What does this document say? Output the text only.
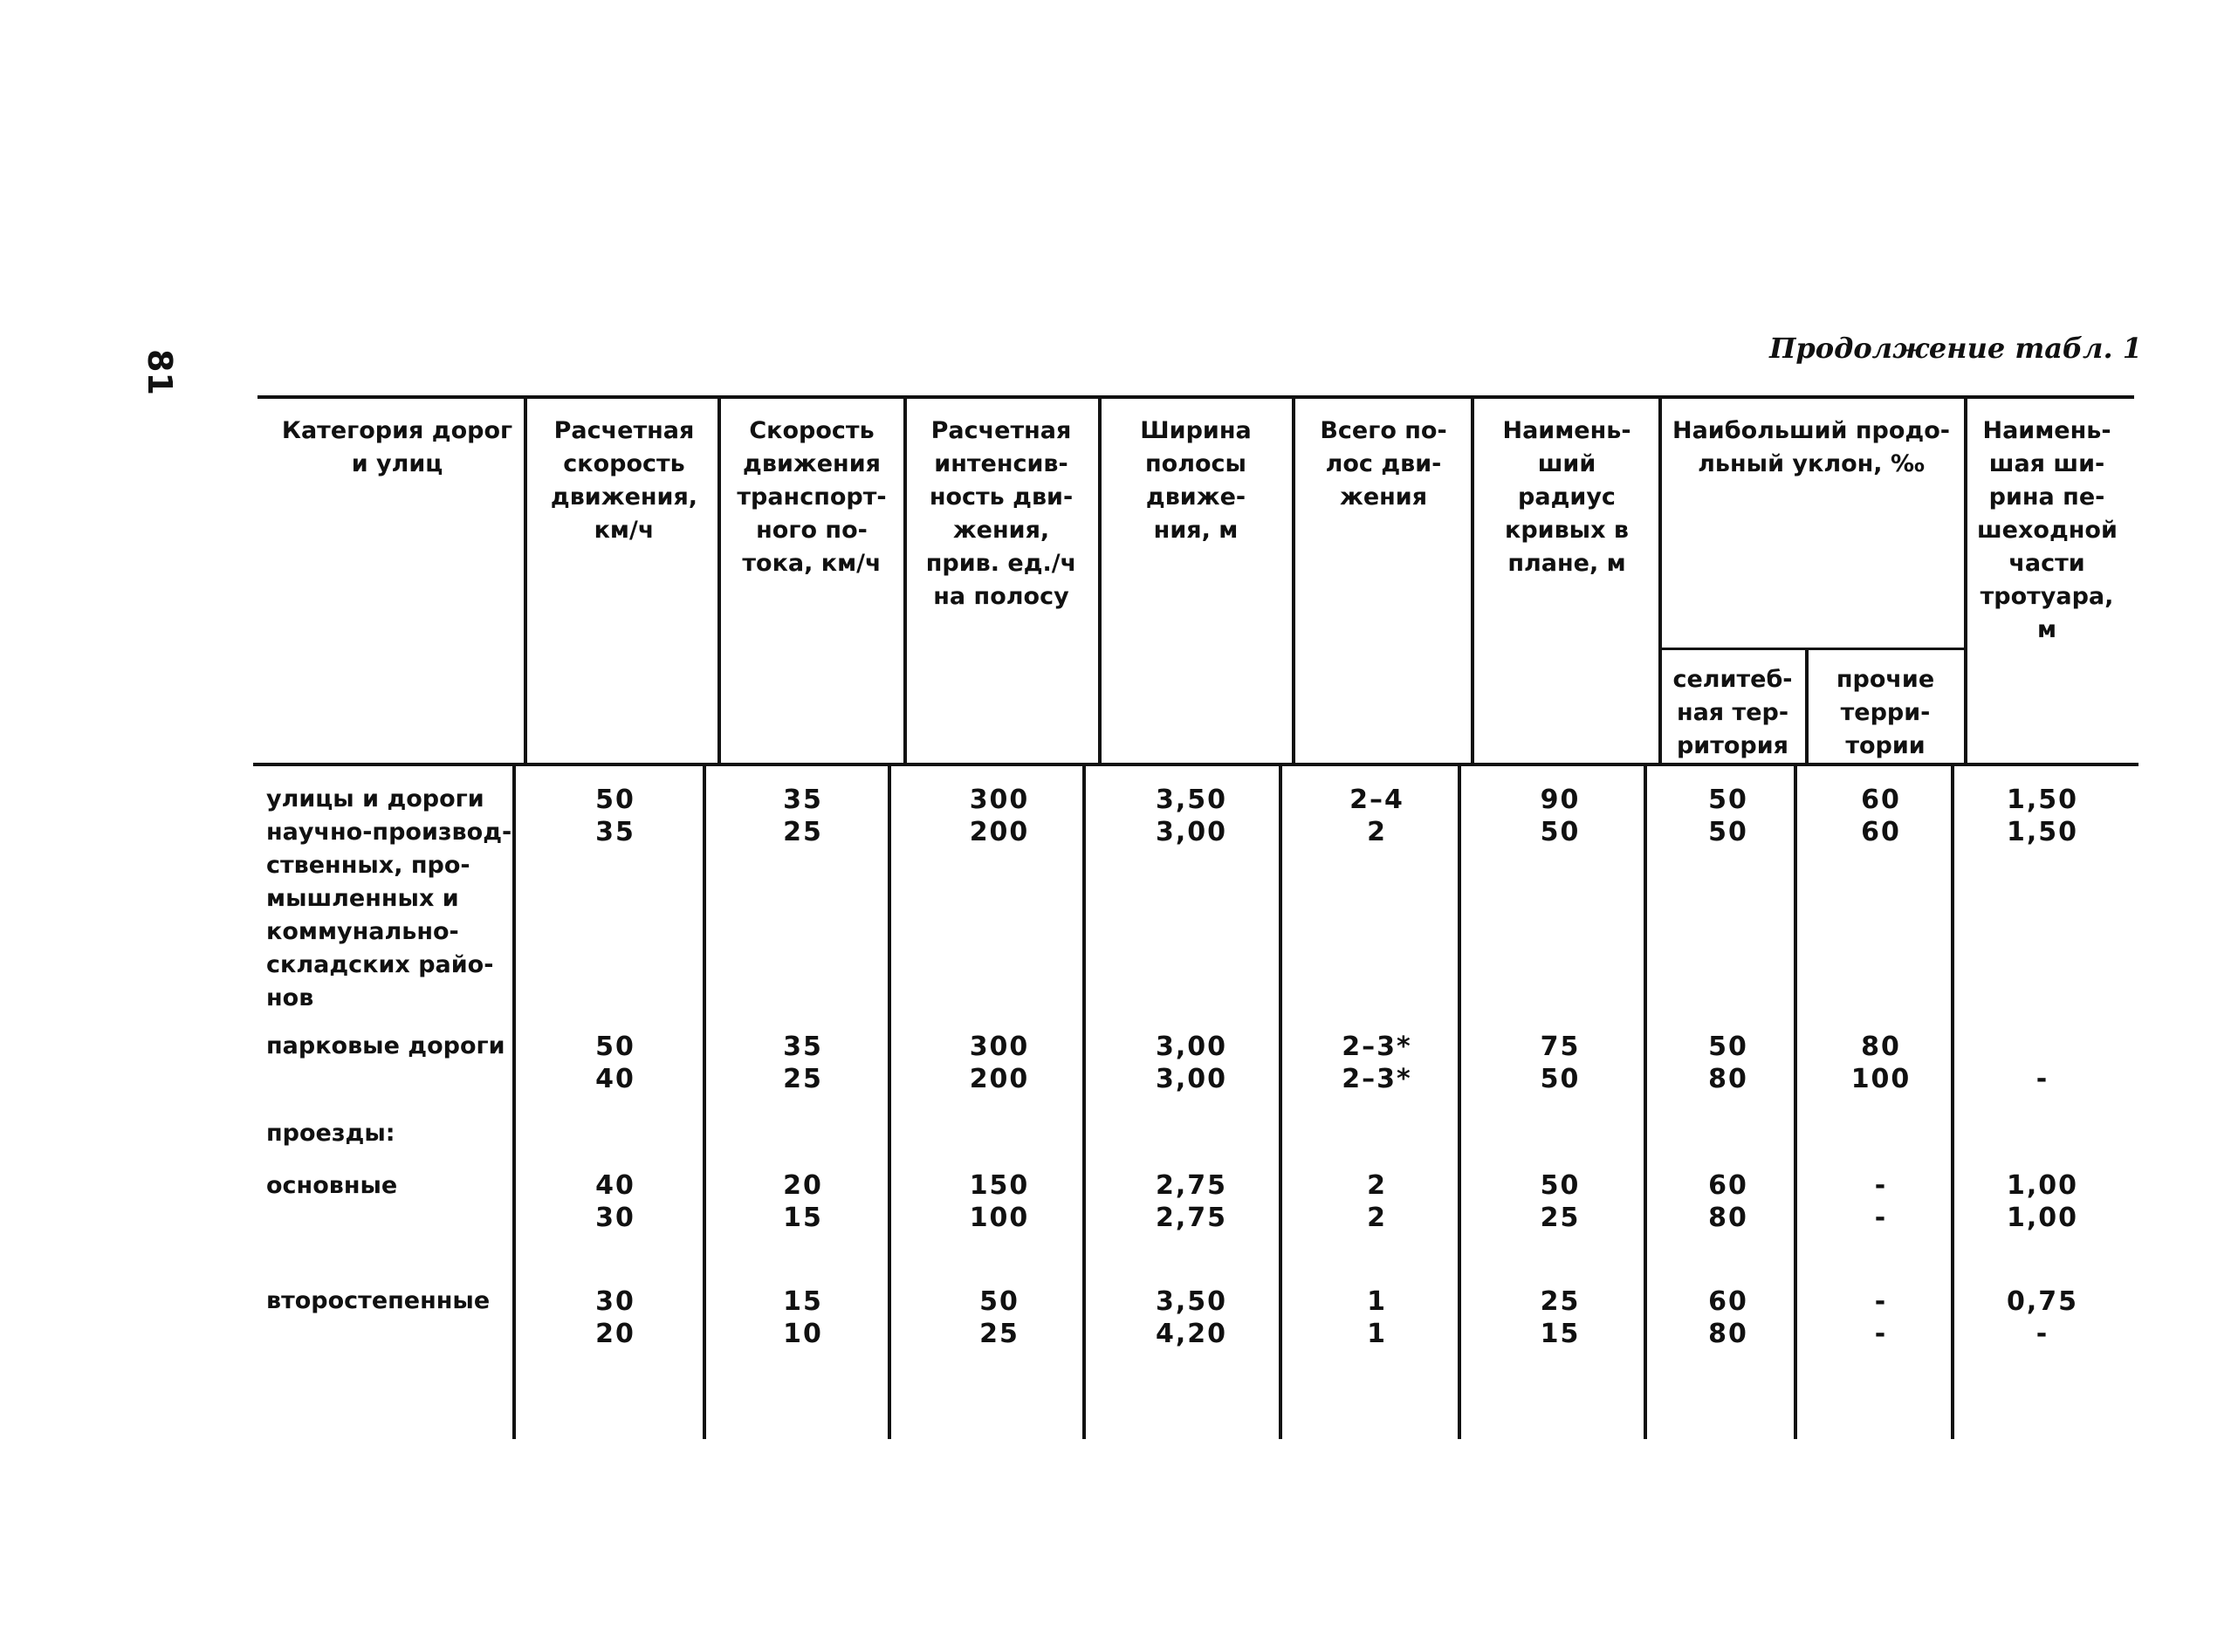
81
Продолжение табл. 1
Категория дорог и улиц
Расчетная скорость движения, км/ч
Скорость движения транспортного потока, км/ч
Расчетная интенсивность движения, прив. ед./ч на полосу
Ширина полосы движения, м
Всего полос движения
Наименьший радиус кривых в плане, м
Наибольший продольный уклон, ‰
селитебная территория
прочие территории
Наименьшая ширина пешеходной части тротуара, м
улицы и дороги
научно-производ-
ственных, про-
мышленных и
коммунально-
складских райо-
нов
парковые дороги
проезды:
основные
второстепенные
50
35
35
25
300
200
3,50
3,00
2–4
2
90
50
50
50
60
60
1,50
1,50
50
40
35
25
300
200
3,00
3,00
2–3*
2–3*
75
50
50
80
80
100
	-
40
30
20
15
150
100
2,75
2,75
2
2
50
25
60
80
-
-
1,00
1,00
30
20
15
10
50
25
3,50
4,20
1
1
25
15
60
80
-
-
0,75
-
